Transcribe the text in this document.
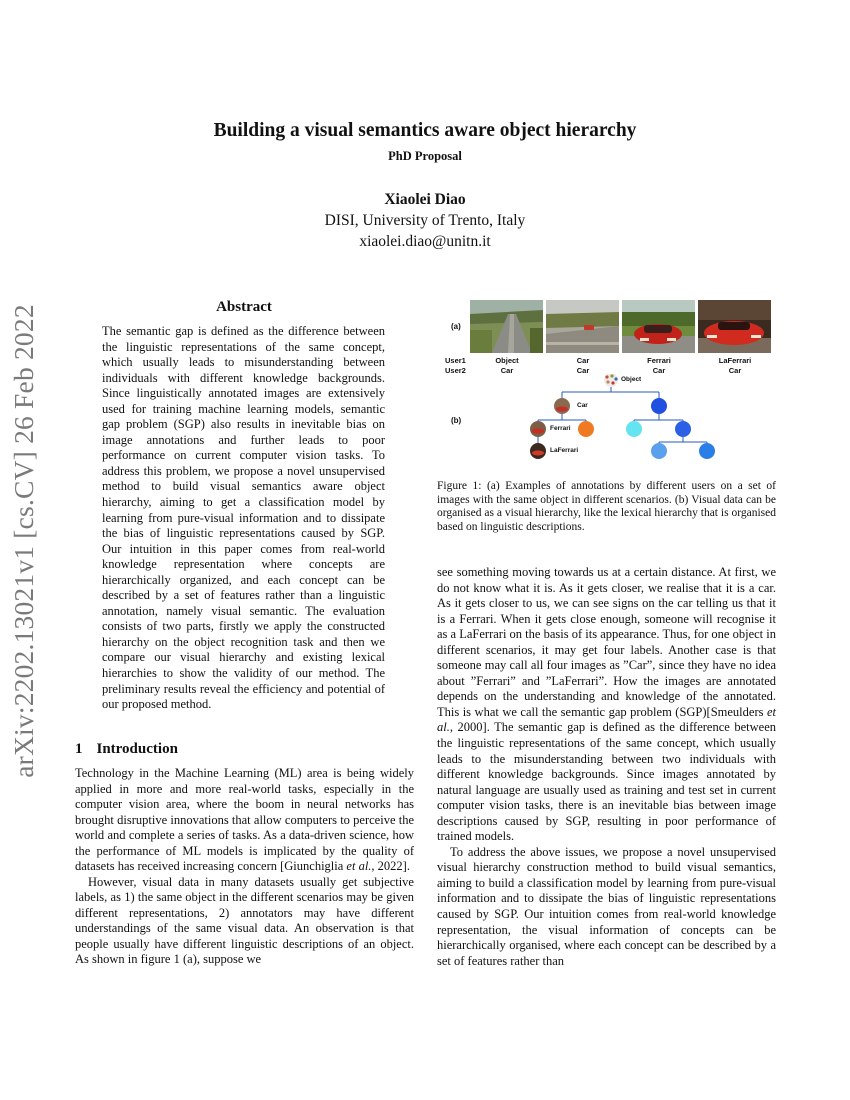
arXiv:2202.13021v1 [cs.CV] 26 Feb 2022
Building a visual semantics aware object hierarchy
PhD Proposal
Xiaolei Diao
DISI, University of Trento, Italy
xiaolei.diao@unitn.it
Abstract
The semantic gap is defined as the difference between the linguistic representations of the same concept, which usually leads to misunderstanding between individuals with different knowledge backgrounds. Since linguistically annotated images are extensively used for training machine learning models, semantic gap problem (SGP) also results in inevitable bias on image annotations and further leads to poor performance on current computer vision tasks. To address this problem, we propose a novel unsupervised method to build visual semantics aware object hierarchy, aiming to get a classification model by learning from pure-visual information and to dissipate the bias of linguistic representations caused by SGP. Our intuition in this paper comes from real-world knowledge representation where concepts are hierarchically organized, and each concept can be described by a set of features rather than a linguistic annotation, namely visual semantic. The evaluation consists of two parts, firstly we apply the constructed hierarchy on the object recognition task and then we compare our visual hierarchy and existing lexical hierarchies to show the validity of our method. The preliminary results reveal the efficiency and potential of our proposed method.
1 Introduction

Technology in the Machine Learning (ML) area is being widely applied in more and more real-world tasks, especially in the computer vision area, where the boom in neural networks has brought disruptive innovations that allow computers to perceive the world and complete a series of tasks. As a data-driven science, how the performance of ML models is implicated by the quality of datasets has received increasing concern [Giunchiglia et al., 2022].

However, visual data in many datasets usually get subjective labels, as 1) the same object in the different scenarios may be given different representations, 2) annotators may have different understandings of the same visual data. An observation is that people usually have different linguistic descriptions of an object. As shown in figure 1 (a), suppose we

(a)
User1
User2
Object
Car
Car
Car
Ferrari
Car
LaFerrari
Car
(b)
Object
Car
Ferrari
LaFerrari
Figure 1: (a) Examples of annotations by different users on a set of images with the same object in different scenarios. (b) Visual data can be organised as a visual hierarchy, like the lexical hierarchy that is organised based on linguistic descriptions.

see something moving towards us at a certain distance. At first, we do not know what it is. As it gets closer, we realise that it is a car. As it gets closer to us, we can see signs on the car telling us that it is a Ferrari. When it gets close enough, someone will recognise it as a LaFerrari on the basis of its appearance. Thus, for one object in different scenarios, it may get four labels. Another case is that someone may call all four images as ”Car”, since they have no idea about ”Ferrari” and ”LaFerrari”. How the images are annotated depends on the understanding and knowledge of the annotated. This is what we call the semantic gap problem (SGP)[Smeulders et al., 2000]. The semantic gap is defined as the difference between the linguistic representations of the same concept, which usually leads to the misunderstanding between two individuals with different knowledge backgrounds. Since images annotated by natural language are usually used as training and test set in current computer vision tasks, there is an inevitable bias between image descriptions caused by SGP, resulting in poor performance of trained models.

To address the above issues, we propose a novel unsupervised visual hierarchy construction method to build visual semantics, aiming to build a classification model by learning from pure-visual information and to dissipate the bias of linguistic representations caused by SGP. Our intuition comes from real-world knowledge representation, the visual information of concepts can be hierarchically organised, where each concept can be described by a set of features rather than
